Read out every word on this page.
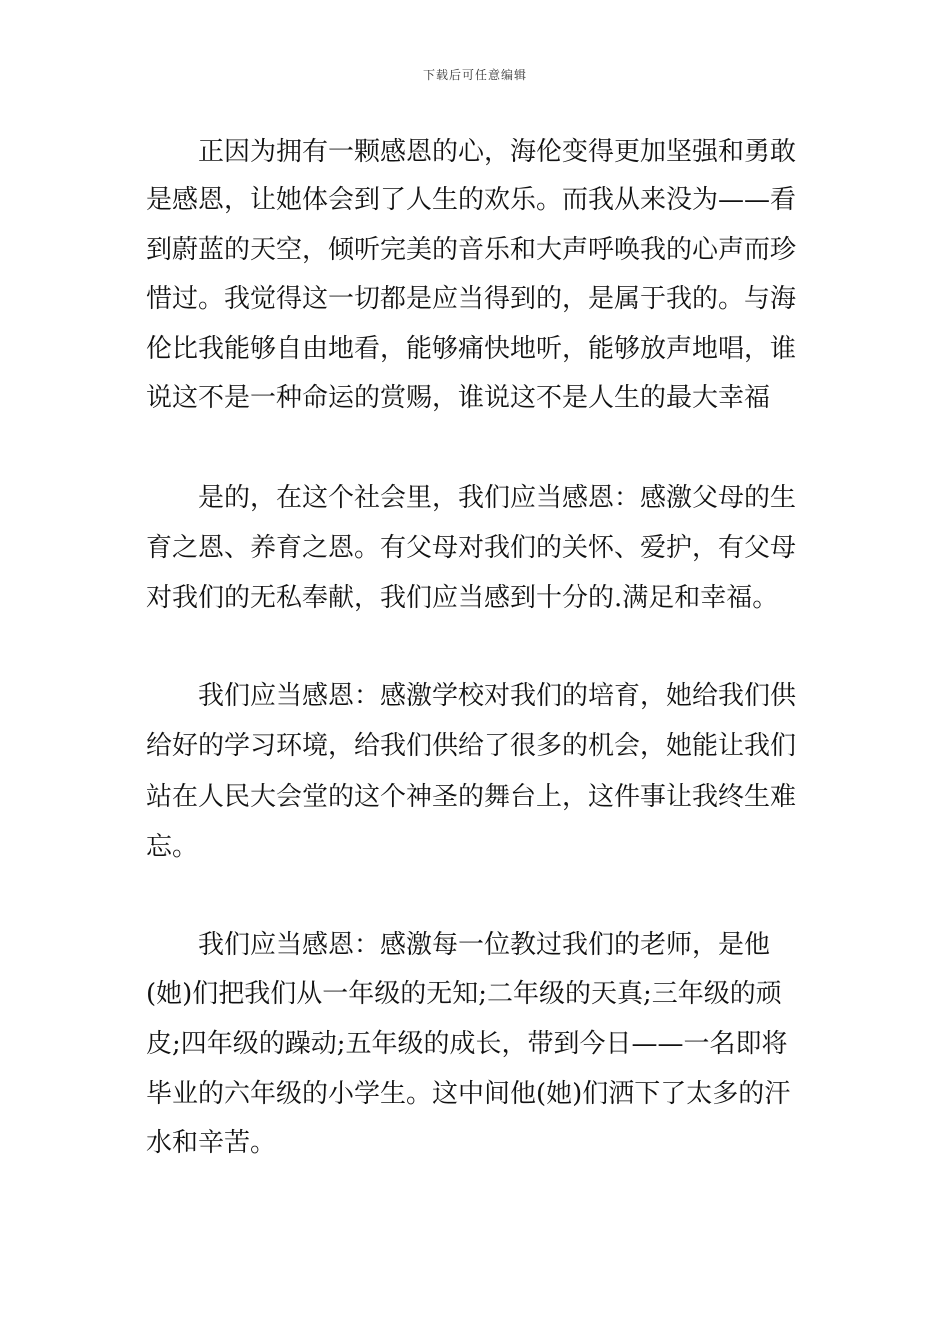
下载后可任意编辑
正因为拥有一颗感恩的心，海伦变得更加坚强和勇敢
是感恩，让她体会到了人生的欢乐。而我从来没为——看
到蔚蓝的天空，倾听完美的音乐和大声呼唤我的心声而珍
惜过。我觉得这一切都是应当得到的，是属于我的。与海
伦比我能够自由地看，能够痛快地听，能够放声地唱，谁
说这不是一种命运的赏赐，谁说这不是人生的最大幸福
是的，在这个社会里，我们应当感恩：感激父母的生
育之恩、养育之恩。有父母对我们的关怀、爱护，有父母
对我们的无私奉献，我们应当感到十分的.满足和幸福。
我们应当感恩：感激学校对我们的培育，她给我们供
给好的学习环境，给我们供给了很多的机会，她能让我们
站在人民大会堂的这个神圣的舞台上，这件事让我终生难
忘。
我们应当感恩：感激每一位教过我们的老师，是他
(她)们把我们从一年级的无知;二年级的天真;三年级的顽
皮;四年级的躁动;五年级的成长，带到今日——一名即将
毕业的六年级的小学生。这中间他(她)们洒下了太多的汗
水和辛苦。
